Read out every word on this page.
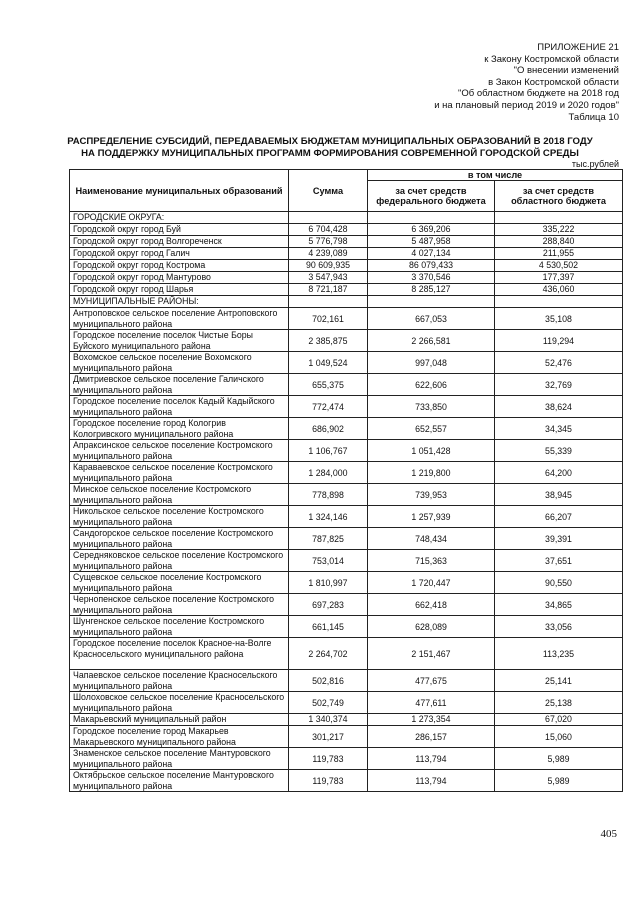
ПРИЛОЖЕНИЕ 21
к Закону Костромской области
"О внесении изменений
в Закон Костромской области
"Об областном бюджете на 2018 год
и на плановый период 2019 и 2020 годов"
Таблица 10
РАСПРЕДЕЛЕНИЕ СУБСИДИЙ, ПЕРЕДАВАЕМЫХ БЮДЖЕТАМ МУНИЦИПАЛЬНЫХ ОБРАЗОВАНИЙ В 2018 ГОДУ
НА ПОДДЕРЖКУ МУНИЦИПАЛЬНЫХ ПРОГРАММ ФОРМИРОВАНИЯ СОВРЕМЕННОЙ ГОРОДСКОЙ СРЕДЫ
тыс.рублей
Наименование муниципальных образований	Сумма	в том числе	
		за счет средств федерального бюджета	за счет средств областного бюджета
ГОРОДСКИЕ ОКРУГА:			
Городской округ город Буй	6 704,428	6 369,206	335,222
Городской округ город Волгореченск	5 776,798	5 487,958	288,840
Городской округ город Галич	4 239,089	4 027,134	211,955
Городской округ город Кострома	90 609,935	86 079,433	4 530,502
Городской округ город Мантурово	3 547,943	3 370,546	177,397
Городской округ город Шарья	8 721,187	8 285,127	436,060
МУНИЦИПАЛЬНЫЕ РАЙОНЫ:			
Антроповское сельское поселение Антроповского муниципального района	702,161	667,053	35,108
Городское поселение поселок Чистые Боры Буйского муниципального района	2 385,875	2 266,581	119,294
Вохомское сельское поселение Вохомского муниципального района	1 049,524	997,048	52,476
Дмитриевское сельское поселение Галичского муниципального района	655,375	622,606	32,769
Городское поселение поселок Кадый Кадыйского муниципального района	772,474	733,850	38,624
Городское поселение город Кологрив Кологривского муниципального района	686,902	652,557	34,345
Апраксинское сельское поселение Костромского муниципального района	1 106,767	1 051,428	55,339
Караваевское сельское поселение Костромского муниципального района	1 284,000	1 219,800	64,200
Минское сельское поселение Костромского муниципального района	778,898	739,953	38,945
Никольское сельское поселение Костромского муниципального района	1 324,146	1 257,939	66,207
Сандогорское сельское поселение Костромского муниципального района	787,825	748,434	39,391
Середняковское сельское поселение Костромского муниципального района	753,014	715,363	37,651
Сущевское сельское поселение Костромского муниципального района	1 810,997	1 720,447	90,550
Чернопенское сельское поселение Костромского муниципального района	697,283	662,418	34,865
Шунгенское сельское поселение Костромского муниципального района	661,145	628,089	33,056
Городское поселение поселок Красное-на-Волге Красносельского муниципального района	2 264,702	2 151,467	113,235
Чапаевское сельское поселение Красносельского муниципального района	502,816	477,675	25,141
Шолоховское сельское поселение Красносельского муниципального района	502,749	477,611	25,138
Макарьевский муниципальный район	1 340,374	1 273,354	67,020
Городское поселение город Макарьев Макарьевского муниципального района	301,217	286,157	15,060
Знаменское сельское поселение Мантуровского муниципального района	119,783	113,794	5,989
Октябрьское сельское поселение Мантуровского муниципального района	119,783	113,794	5,989
405
